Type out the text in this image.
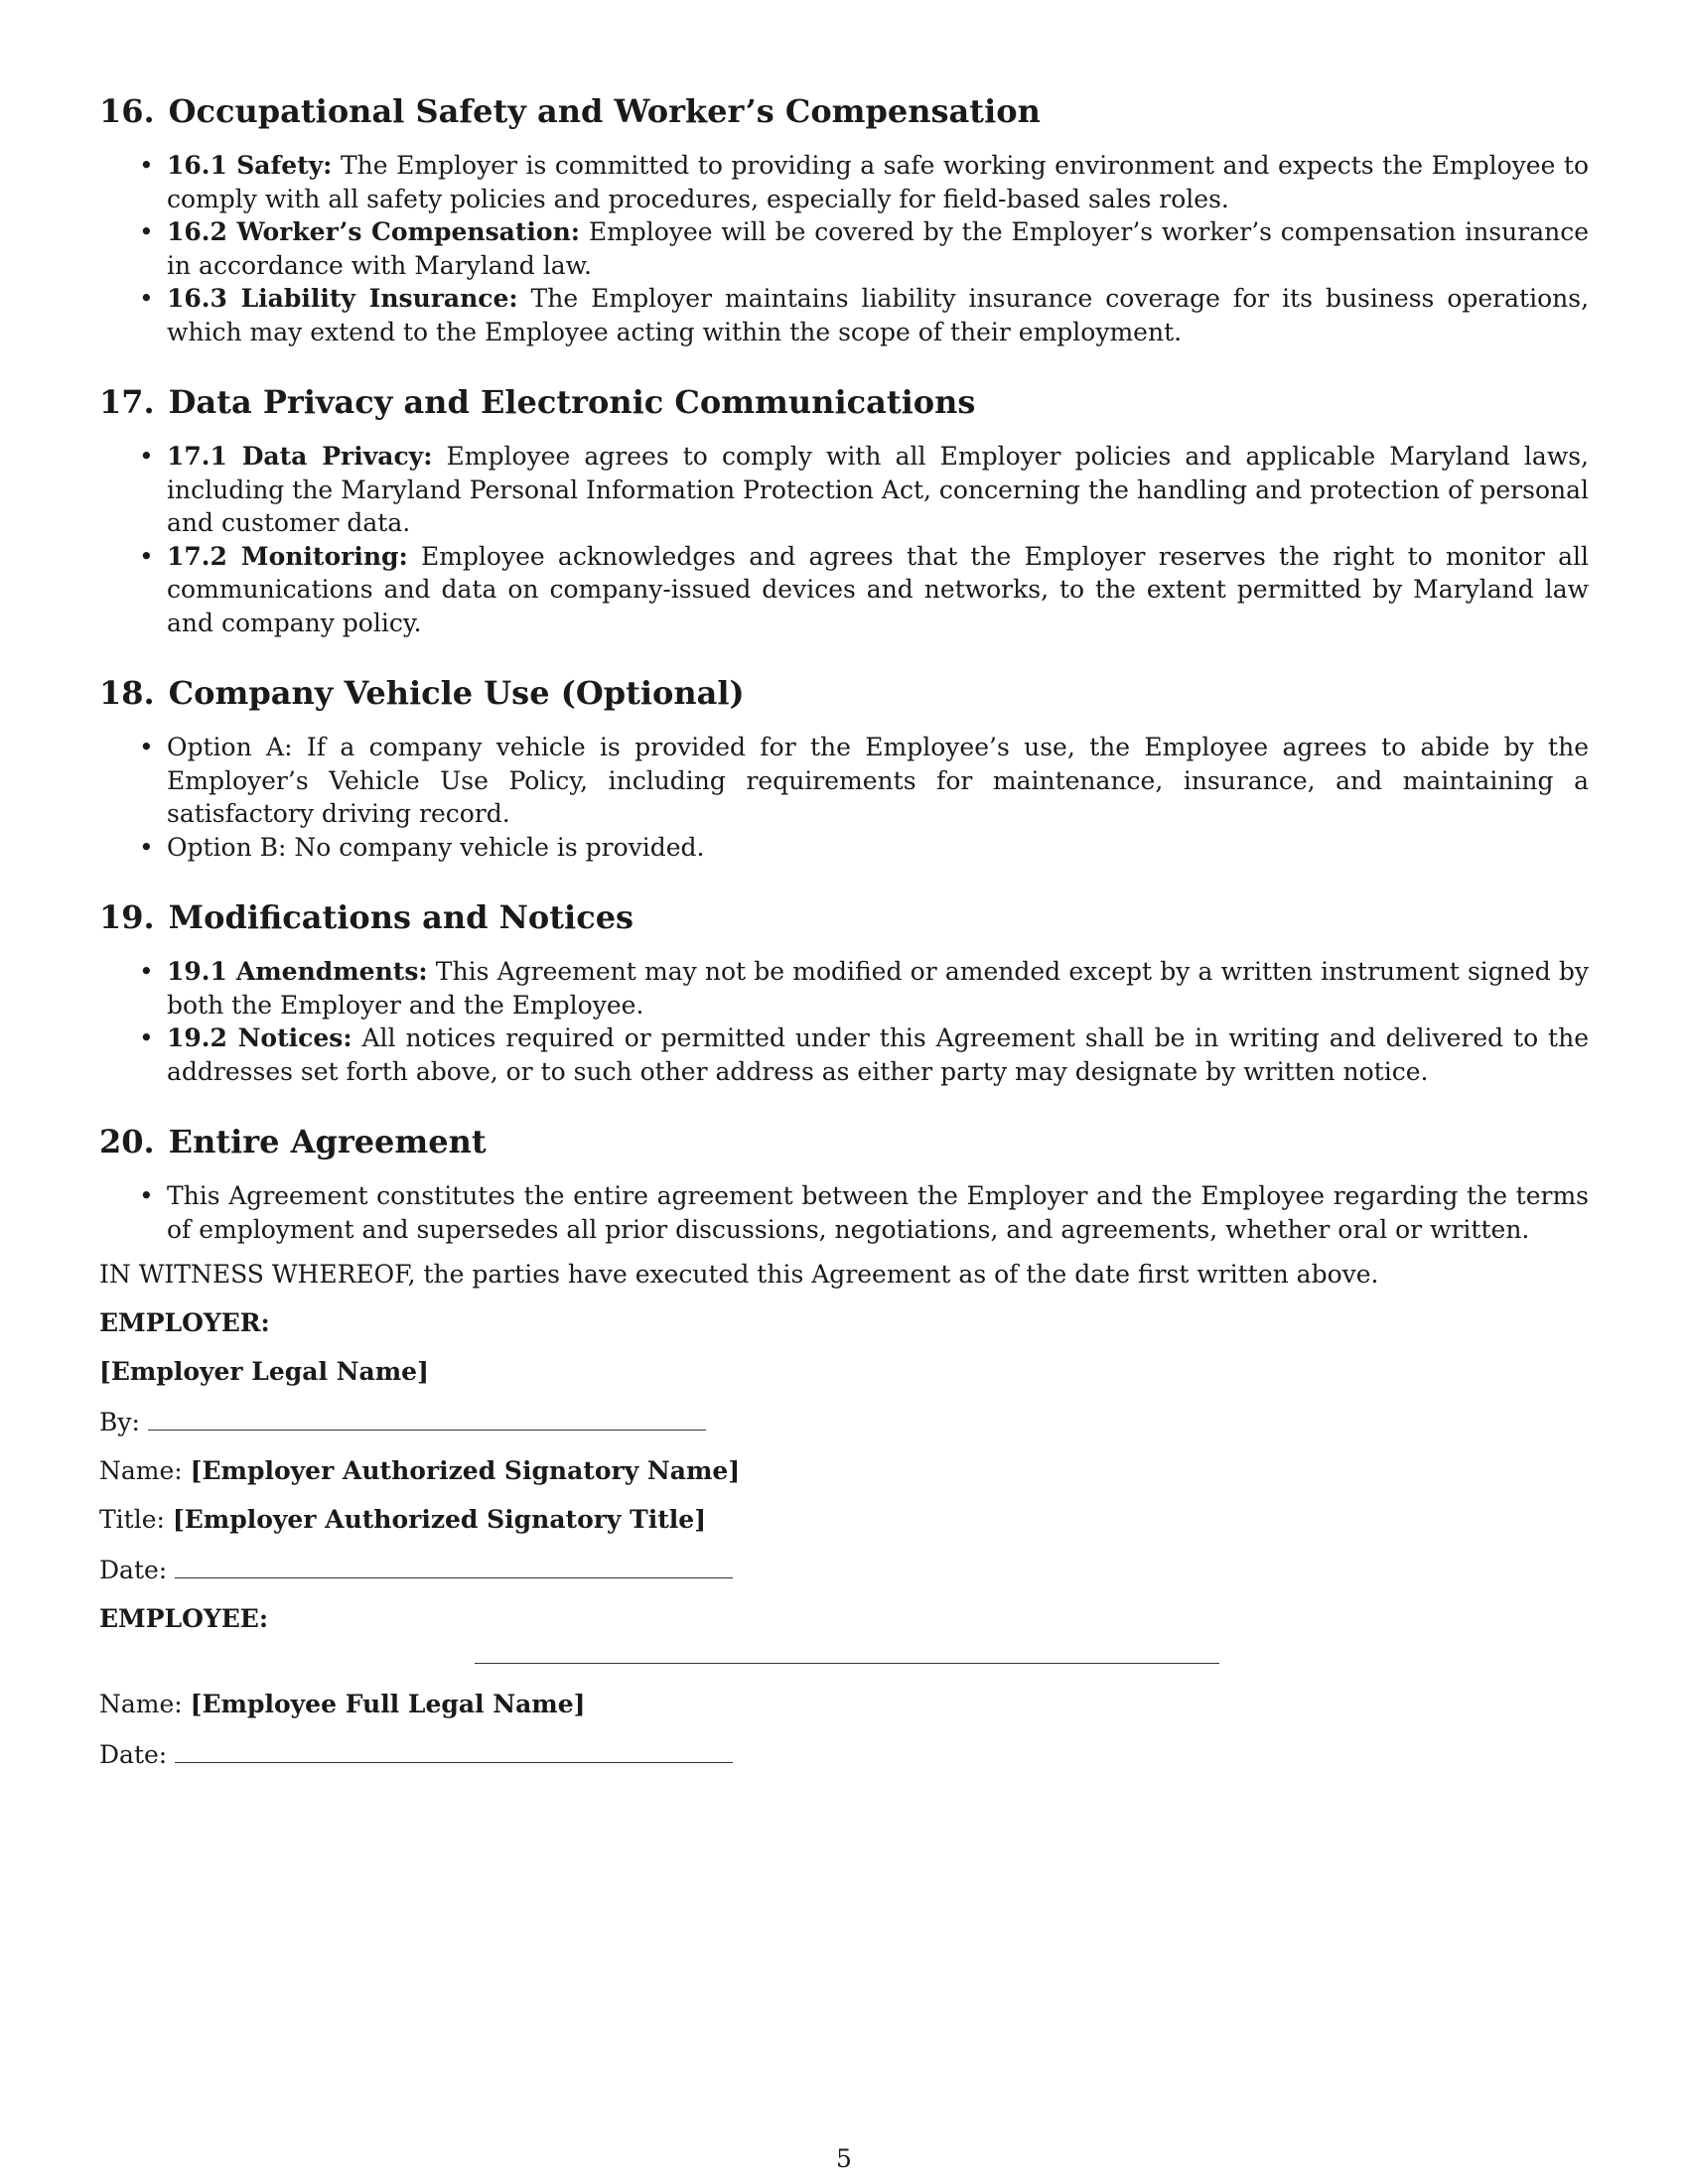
16. Occupational Safety and Worker’s Compensation
• 16.1 Safety: The Employer is committed to providing a safe working environment and expects the Employee to comply with all safety policies and procedures, especially for field-based sales roles.
• 16.2 Worker’s Compensation: Employee will be covered by the Employer’s worker’s compensation insurance in accordance with Maryland law.
• 16.3 Liability Insurance: The Employer maintains liability insurance coverage for its business operations, which may extend to the Employee acting within the scope of their employment.
17. Data Privacy and Electronic Communications
• 17.1 Data Privacy: Employee agrees to comply with all Employer policies and applicable Maryland laws, including the Maryland Personal Information Protection Act, concerning the handling and protection of personal and customer data.
• 17.2 Monitoring: Employee acknowledges and agrees that the Employer reserves the right to monitor all communications and data on company-issued devices and networks, to the extent permitted by Maryland law and company policy.
18. Company Vehicle Use (Optional)
• Option A: If a company vehicle is provided for the Employee’s use, the Employee agrees to abide by the Employer’s Vehicle Use Policy, including requirements for maintenance, insurance, and maintaining a satisfactory driving record.
• Option B: No company vehicle is provided.
19. Modifications and Notices
• 19.1 Amendments: This Agreement may not be modified or amended except by a written instrument signed by both the Employer and the Employee.
• 19.2 Notices: All notices required or permitted under this Agreement shall be in writing and delivered to the addresses set forth above, or to such other address as either party may designate by written notice.
20. Entire Agreement
• This Agreement constitutes the entire agreement between the Employer and the Employee regarding the terms of employment and supersedes all prior discussions, negotiations, and agreements, whether oral or written.

IN WITNESS WHEREOF, the parties have executed this Agreement as of the date first written above.

EMPLOYER:

[Employer Legal Name]

By:

Name: [Employer Authorized Signatory Name]

Title: [Employer Authorized Signatory Title]

Date:

EMPLOYEE:

Name: [Employee Full Legal Name]

Date:

5
